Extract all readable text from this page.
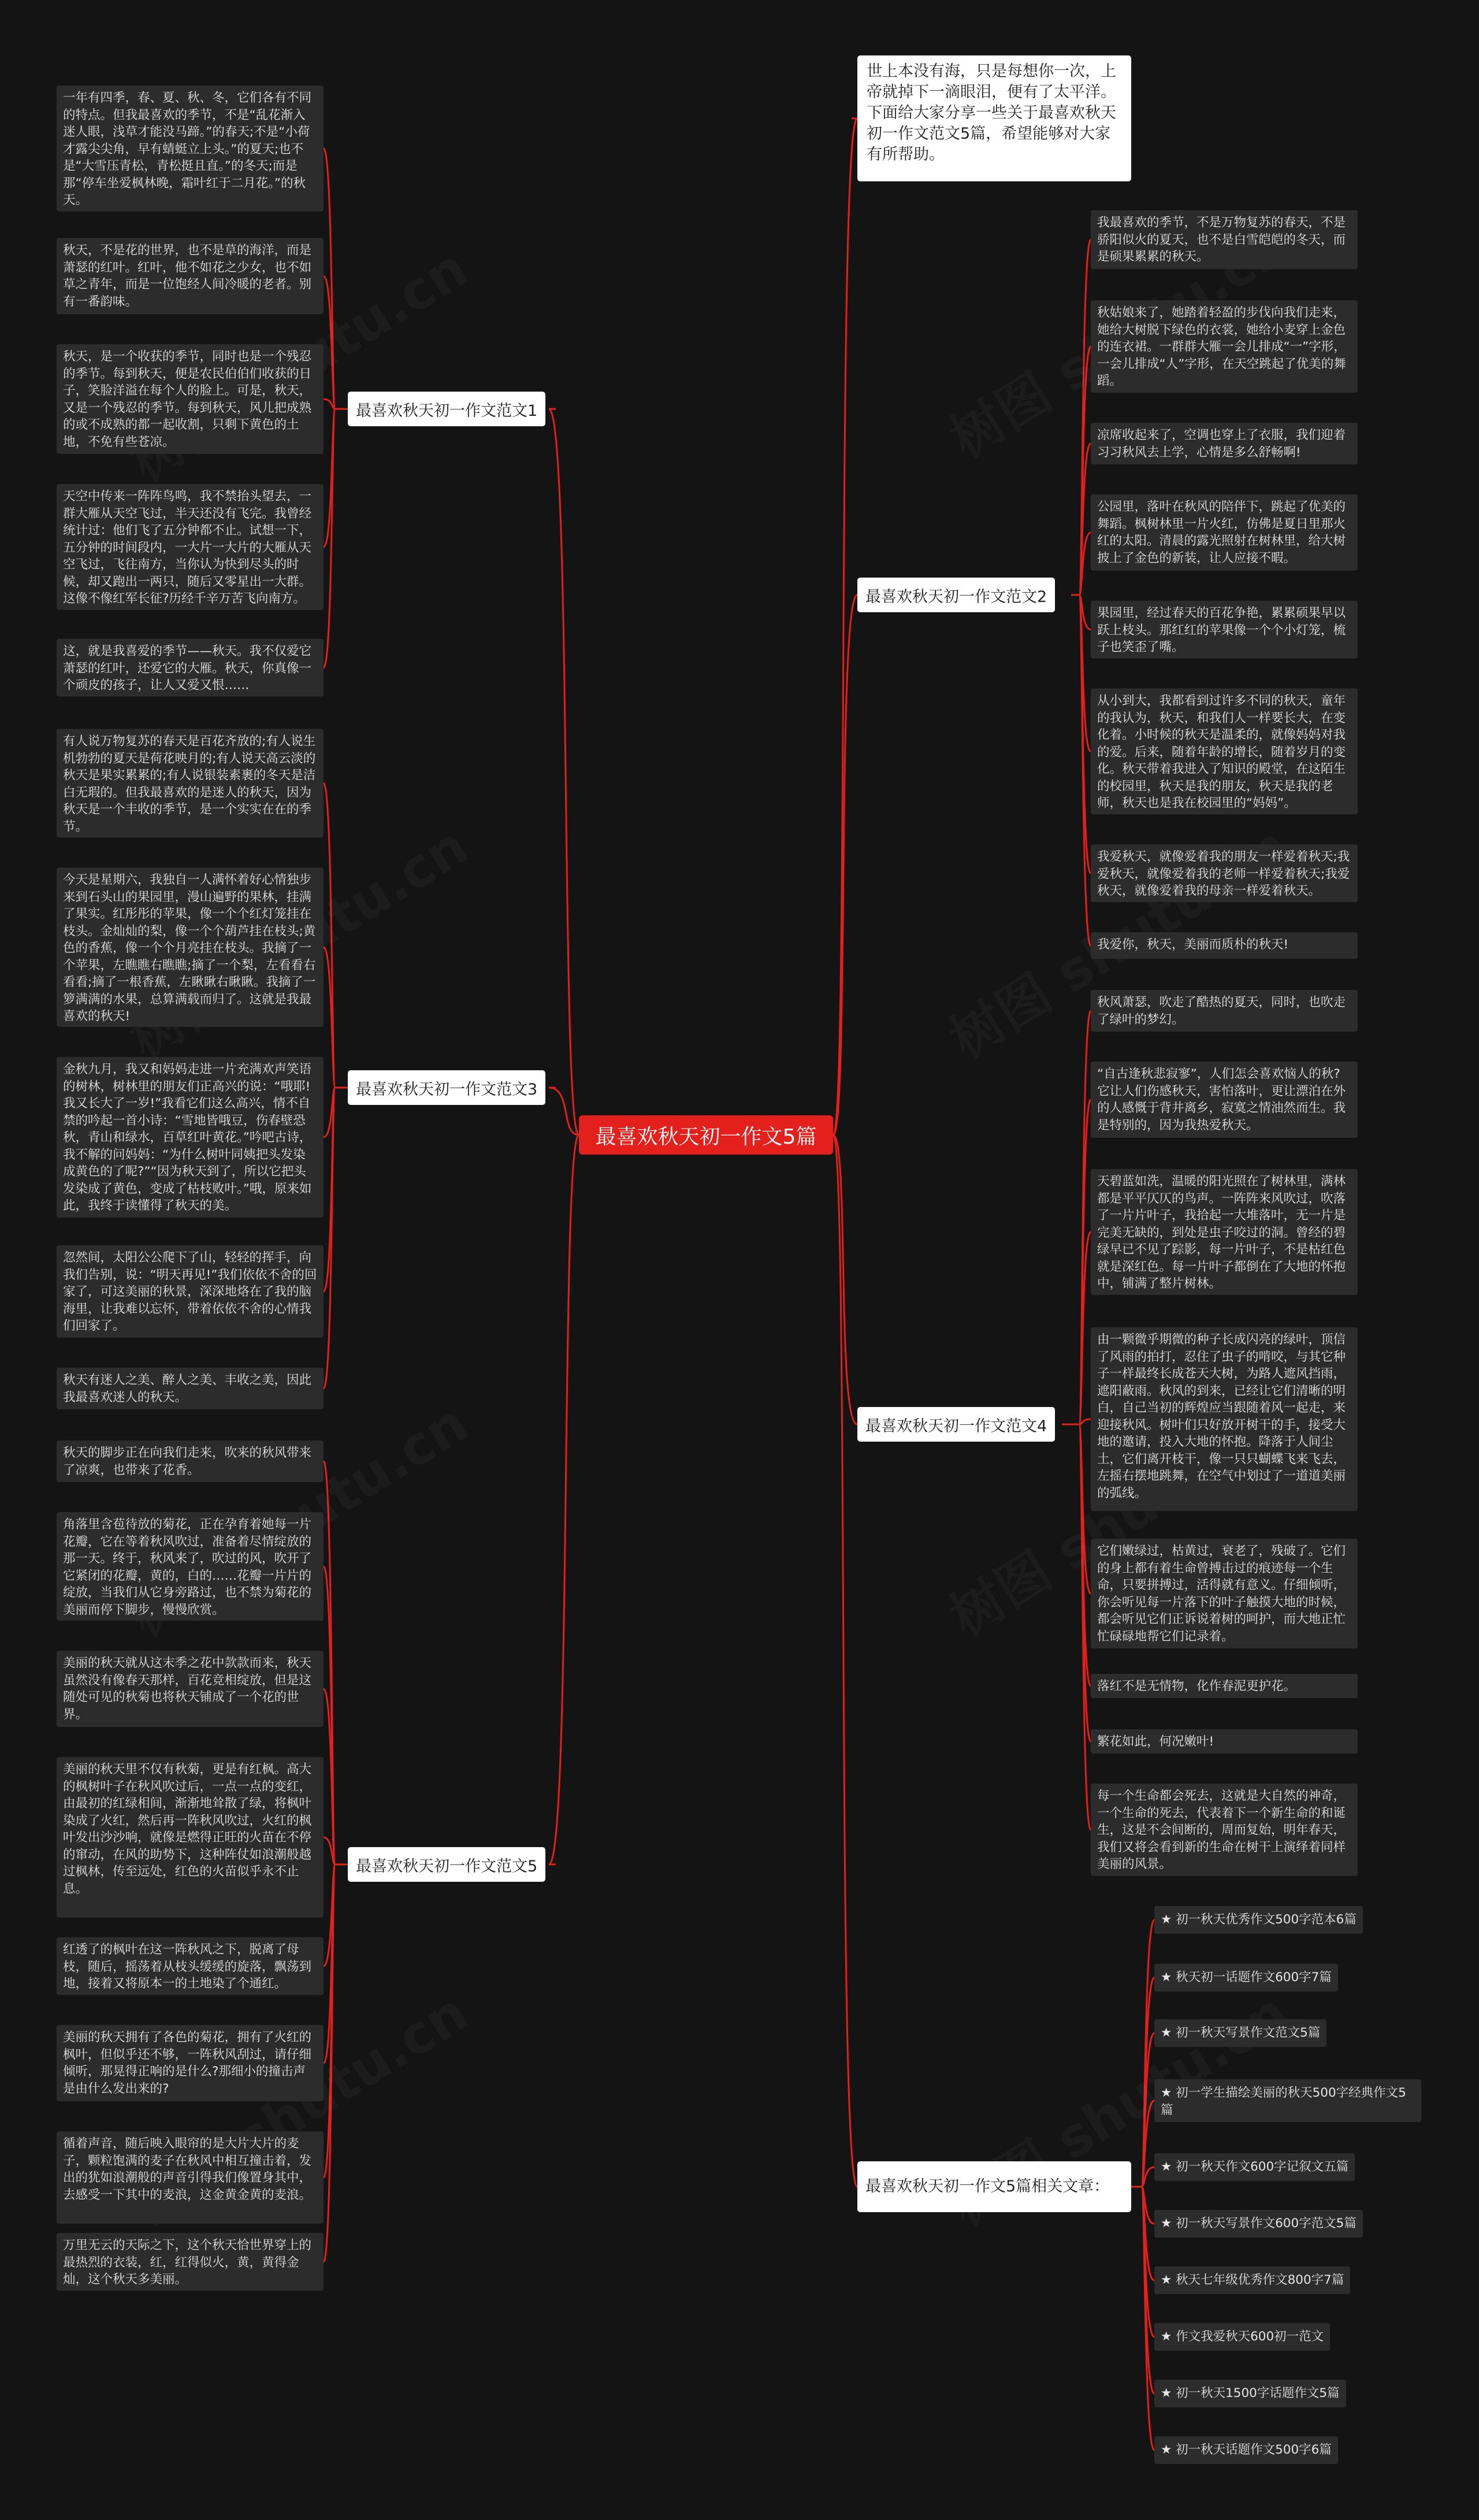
最喜欢秋天初一作文5篇
世上本没有海，只是每想你一次，上帝就掉下一滴眼泪，便有了太平洋。下面给大家分享一些关于最喜欢秋天初一作文范文5篇，希望能够对大家有所帮助。
最喜欢秋天初一作文范文1
最喜欢秋天初一作文范文3
最喜欢秋天初一作文范文5
最喜欢秋天初一作文范文2
最喜欢秋天初一作文范文4
最喜欢秋天初一作文5篇相关文章：
一年有四季，春、夏、秋、冬，它们各有不同的特点。但我最喜欢的季节，不是“乱花渐入迷人眼，浅草才能没马蹄。”的春天;不是“小荷才露尖尖角，早有蜻蜓立上头。”的夏天;也不是“大雪压青松，青松挺且直。”的冬天;而是那“停车坐爱枫林晚，霜叶红于二月花。”的秋天。
秋天，不是花的世界，也不是草的海洋，而是萧瑟的红叶。红叶，他不如花之少女，也不如草之青年，而是一位饱经人间冷暖的老者。别有一番韵味。
秋天，是一个收获的季节，同时也是一个残忍的季节。每到秋天，便是农民伯伯们收获的日子，笑脸洋溢在每个人的脸上。可是，秋天，又是一个残忍的季节。每到秋天，风儿把成熟的或不成熟的都一起收割，只剩下黄色的土地，不免有些苍凉。
天空中传来一阵阵鸟鸣，我不禁抬头望去，一群大雁从天空飞过，半天还没有飞完。我曾经统计过：他们飞了五分钟都不止。试想一下，五分钟的时间段内，一大片一大片的大雁从天空飞过，飞往南方，当你认为快到尽头的时候，却又跑出一两只，随后又零星出一大群。这像不像红军长征?历经千辛万苦飞向南方。
这，就是我喜爱的季节——秋天。我不仅爱它萧瑟的红叶，还爱它的大雁。秋天，你真像一个顽皮的孩子，让人又爱又恨……
有人说万物复苏的春天是百花齐放的;有人说生机勃勃的夏天是荷花映月的;有人说天高云淡的秋天是果实累累的;有人说银装素裹的冬天是洁白无瑕的。但我最喜欢的是迷人的秋天，因为秋天是一个丰收的季节，是一个实实在在的季节。
今天是星期六，我独自一人满怀着好心情独步来到石头山的果园里，漫山遍野的果林，挂满了果实。红彤彤的苹果，像一个个红灯笼挂在枝头。金灿灿的梨，像一个个葫芦挂在枝头;黄色的香蕉，像一个个月亮挂在枝头。我摘了一个苹果，左瞧瞧右瞧瞧;摘了一个梨，左看看右看看;摘了一根香蕉，左瞅瞅右瞅瞅。我摘了一箩满满的水果，总算满载而归了。这就是我最喜欢的秋天!
金秋九月，我又和妈妈走进一片充满欢声笑语的树林，树林里的朋友们正高兴的说：“哦耶!我又长大了一岁!”我看它们这么高兴，情不自禁的吟起一首小诗：“雪地皆哦豆，伤春壁恐秋，青山和绿水，百草红叶黄花。”吟吧古诗，我不解的问妈妈：“为什么树叶同姨把头发染成黄色的了呢?”“因为秋天到了，所以它把头发染成了黄色，变成了枯枝败叶。”哦，原来如此，我终于读懂得了秋天的美。
忽然间，太阳公公爬下了山，轻轻的挥手，向我们告别，说：“明天再见!”我们依依不舍的回家了，可这美丽的秋景，深深地烙在了我的脑海里，让我难以忘怀，带着依依不舍的心情我们回家了。
秋天有迷人之美、醉人之美、丰收之美，因此我最喜欢迷人的秋天。
秋天的脚步正在向我们走来，吹来的秋风带来了凉爽，也带来了花香。
角落里含苞待放的菊花，正在孕育着她每一片花瓣，它在等着秋风吹过，准备着尽情绽放的那一天。终于，秋风来了，吹过的风，吹开了它紧闭的花瓣，黄的，白的……花瓣一片片的绽放，当我们从它身旁路过，也不禁为菊花的美丽而停下脚步，慢慢欣赏。
美丽的秋天就从这末季之花中款款而来，秋天虽然没有像春天那样，百花竞相绽放，但是这随处可见的秋菊也将秋天铺成了一个花的世界。
美丽的秋天里不仅有秋菊，更是有红枫。高大的枫树叶子在秋风吹过后，一点一点的变红，由最初的红绿相间，渐渐地耸散了绿，将枫叶染成了火红，然后再一阵秋风吹过，火红的枫叶发出沙沙响，就像是燃得正旺的火苗在不停的窜动，在风的助势下，这种阵仗如浪潮般越过枫林，传至远处，红色的火苗似乎永不止息。
红透了的枫叶在这一阵秋风之下，脱离了母枝，随后，摇荡着从枝头缓缓的旋落，飘荡到地，接着又将原本一的土地染了个通红。
美丽的秋天拥有了各色的菊花，拥有了火红的枫叶，但似乎还不够，一阵秋风刮过，请仔细倾听，那晃得正响的是什么?那细小的撞击声是由什么发出来的?
循着声音，随后映入眼帘的是大片大片的麦子，颗粒饱满的麦子在秋风中相互撞击着，发出的犹如浪潮般的声音引得我们像置身其中，去感受一下其中的麦浪，这金黄金黄的麦浪。
万里无云的天际之下，这个秋天恰世界穿上的最热烈的衣装，红，红得似火，黄，黄得金灿，这个秋天多美丽。
我最喜欢的季节，不是万物复苏的春天，不是骄阳似火的夏天，也不是白雪皑皑的冬天，而是硕果累累的秋天。
秋姑娘来了，她踏着轻盈的步伐向我们走来，她给大树脱下绿色的衣裳，她给小麦穿上金色的连衣裙。一群群大雁一会儿排成“一”字形，一会儿排成“人”字形，在天空跳起了优美的舞蹈。
凉席收起来了，空调也穿上了衣服，我们迎着习习秋风去上学，心情是多么舒畅啊!
公园里，落叶在秋风的陪伴下，跳起了优美的舞蹈。枫树林里一片火红，仿佛是夏日里那火红的太阳。清晨的露光照射在树林里，给大树披上了金色的新装，让人应接不暇。
果园里，经过春天的百花争艳，累累硕果早以跃上枝头。那红红的苹果像一个个小灯笼，梳子也笑歪了嘴。
从小到大，我都看到过许多不同的秋天，童年的我认为，秋天，和我们人一样要长大，在变化着。小时候的秋天是温柔的，就像妈妈对我的爱。后来，随着年龄的增长，随着岁月的变化。秋天带着我进入了知识的殿堂，在这陌生的校园里，秋天是我的朋友，秋天是我的老师，秋天也是我在校园里的“妈妈”。
我爱秋天，就像爱着我的朋友一样爱着秋天;我爱秋天，就像爱着我的老师一样爱着秋天;我爱秋天，就像爱着我的母亲一样爱着秋天。
我爱你，秋天，美丽而质朴的秋天!
秋风萧瑟，吹走了酷热的夏天，同时，也吹走了绿叶的梦幻。
“自古逢秋悲寂寥”，人们怎会喜欢恼人的秋?它让人们伤感秋天，害怕落叶，更让漂泊在外的人感慨于背井离乡，寂寞之情油然而生。我是特别的，因为我热爱秋天。
天碧蓝如洗，温暖的阳光照在了树林里，满林都是平平仄仄的鸟声。一阵阵来风吹过，吹落了一片片叶子，我拾起一大堆落叶，无一片是完美无缺的，到处是虫子咬过的洞。曾经的碧绿早已不见了踪影，每一片叶子，不是枯红色就是深红色。每一片叶子都倒在了大地的怀抱中，铺满了整片树林。
由一颗微乎期微的种子长成闪亮的绿叶，顶信了风雨的拍打，忍住了虫子的啃咬，与其它种子一样最终长成苍天大树，为路人遮风挡雨，遮阳蔽雨。秋风的到来，已经让它们清晰的明白，自己当初的辉煌应当跟随着风一起走，来迎接秋风。树叶们只好放开树干的手，接受大地的邀请，投入大地的怀抱。降落于人间尘土，它们离开枝干，像一只只蝴蝶飞来飞去，左摇右摆地跳舞，在空气中划过了一道道美丽的弧线。
它们嫩绿过，枯黄过，衰老了，残破了。它们的身上都有着生命曾搏击过的痕迹每一个生命，只要拼搏过，活得就有意义。仔细倾听，你会听见每一片落下的叶子触摸大地的时候，都会听见它们正诉说着树的呵护，而大地正忙忙碌碌地帮它们记录着。
落红不是无情物，化作春泥更护花。
繁花如此，何况嫩叶!
每一个生命都会死去，这就是大自然的神奇，一个生命的死去，代表着下一个新生命的和诞生，这是不会间断的，周而复始，明年春天，我们又将会看到新的生命在树干上演绎着同样美丽的风景。
★ 初一秋天优秀作文500字范本6篇
★ 秋天初一话题作文600字7篇
★ 初一秋天写景作文范文5篇
★ 初一学生描绘美丽的秋天500字经典作文5篇
★ 初一秋天作文600字记叙文五篇
★ 初一秋天写景作文600字范文5篇
★ 秋天七年级优秀作文800字7篇
★ 作文我爱秋天600初一范文
★ 初一秋天1500字话题作文5篇
★ 初一秋天话题作文500字6篇
